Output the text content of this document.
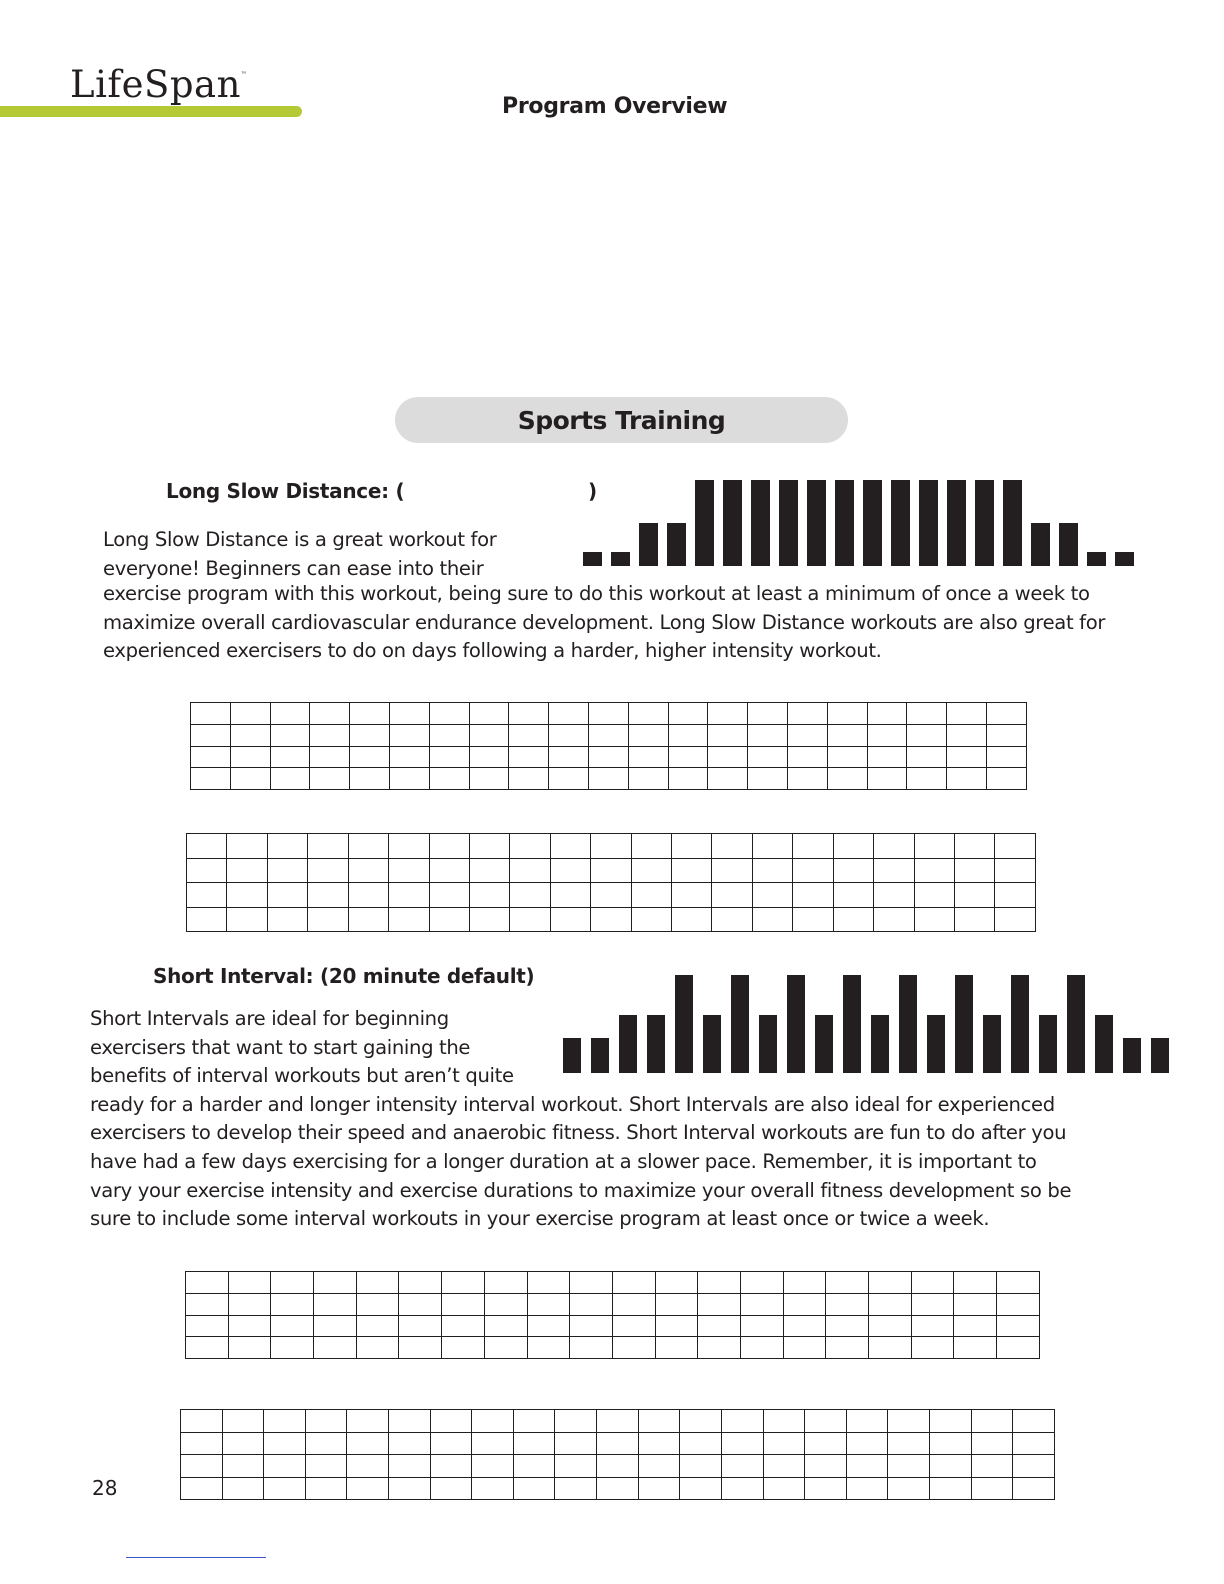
LifeSpan™
Program Overview
Sports Training
Long Slow Distance: (	)
Long Slow Distance is a great workout for
everyone! Beginners can ease into their
exercise program with this workout, being sure to do this workout at least a minimum of once a week to
maximize overall cardiovascular endurance development. Long Slow Distance workouts are also great for
experienced exercisers to do on days following a harder, higher intensity workout.

Short Interval: (20 minute default)
Short Intervals are ideal for beginning
exercisers that want to start gaining the
benefits of interval workouts but aren’t quite
ready for a harder and longer intensity interval workout. Short Intervals are also ideal for experienced
exercisers to develop their speed and anaerobic fitness. Short Interval workouts are fun to do after you
have had a few days exercising for a longer duration at a slower pace. Remember, it is important to
vary your exercise intensity and exercise durations to maximize your overall fitness development so be
sure to include some interval workouts in your exercise program at least once or twice a week.

28
